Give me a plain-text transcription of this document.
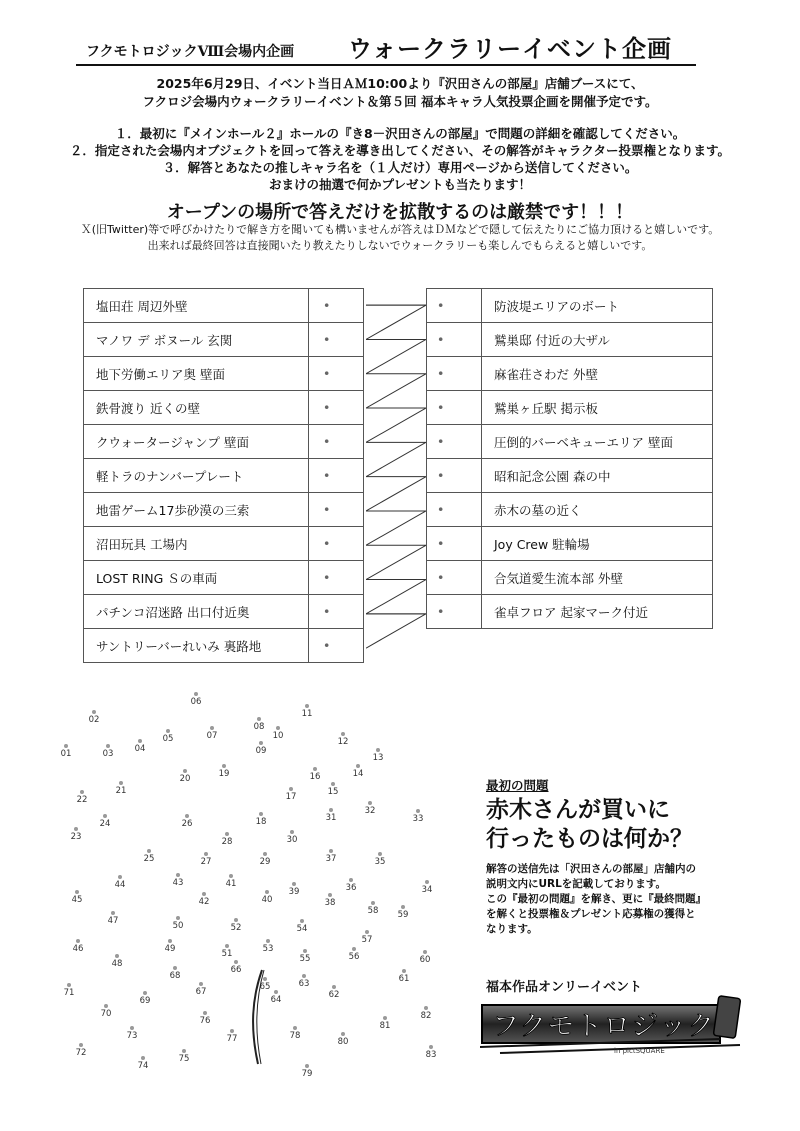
フクモトロジックⅧ会場内企画 ウォークラリーイベント企画
2025年6月29日、イベント当日ＡＭ10:00より『沢田さんの部屋』店舗ブースにて、
フクロジ会場内ウォークラリーイベント＆第５回 福本キャラ人気投票企画を開催予定です。
１．最初に『メインホール２』ホールの『き8－沢田さんの部屋』で問題の詳細を確認してください。
２．指定された会場内オブジェクトを回って答えを導き出してください、その解答がキャラクター投票権となります。
３．解答とあなたの推しキャラ名を（１人だけ）専用ページから送信してください。
おまけの抽選で何かプレゼントも当たります！
オープンの場所で答えだけを拡散するのは厳禁です！！！
Ｘ(旧Twitter)等で呼びかけたりで解き方を聞いても構いませんが答えはＤＭなどで隠して伝えたりにご協力頂けると嬉しいです。
出来れば最終回答は直接聞いたり教えたりしないでウォークラリーも楽しんでもらえると嬉しいです。
塩田荘 周辺外壁	•
マノワ デ ボヌール 玄関	•
地下労働エリア奥 壁面	•
鉄骨渡り 近くの壁	•
クウォータージャンプ 壁面	•
軽トラのナンバープレート	•
地雷ゲーム17歩砂漠の三索	•
沼田玩具 工場内	•
LOST RING Ｓの車両	•
パチンコ沼迷路 出口付近奥	•
サントリーバーれいみ 裏路地	•
•	防波堤エリアのボート
•	鷲巣邸 付近の大ザル
•	麻雀荘さわだ 外壁
•	鷲巣ヶ丘駅 掲示板
•	圧倒的バーベキューエリア 壁面
•	昭和記念公園 森の中
•	赤木の墓の近く
•	Joy Crew 駐輪場
•	合気道愛生流本部 外壁
•	雀卓フロア 起家マーク付近
01
02
03	04
05
06
07
08
09
10
11
12
13
14
15
16
17
18
19
20
21
22
23
24
25
26
27
28
29
30
31
32
33
34
35
36
37
38
39
40
41
42
43
44
45
46
47
48
49
50
51
52
53
54
55	56
57
58	59
60
61
62
63
64
65
66
67
68
69
70
71
72
73
74
75
76
77	78
79
80
81
82
83
最初の問題
赤木さんが買いに
行ったものは何か？
解答の送信先は「沢田さんの部屋」店舗内の
説明文内にURLを記載しております。
この『最初の問題』を解き、更に『最終問題』
を解くと投票権＆プレゼント応募権の獲得と
なります。
福本作品オンリーイベント
フクモトロジック
in pictSQUARE
